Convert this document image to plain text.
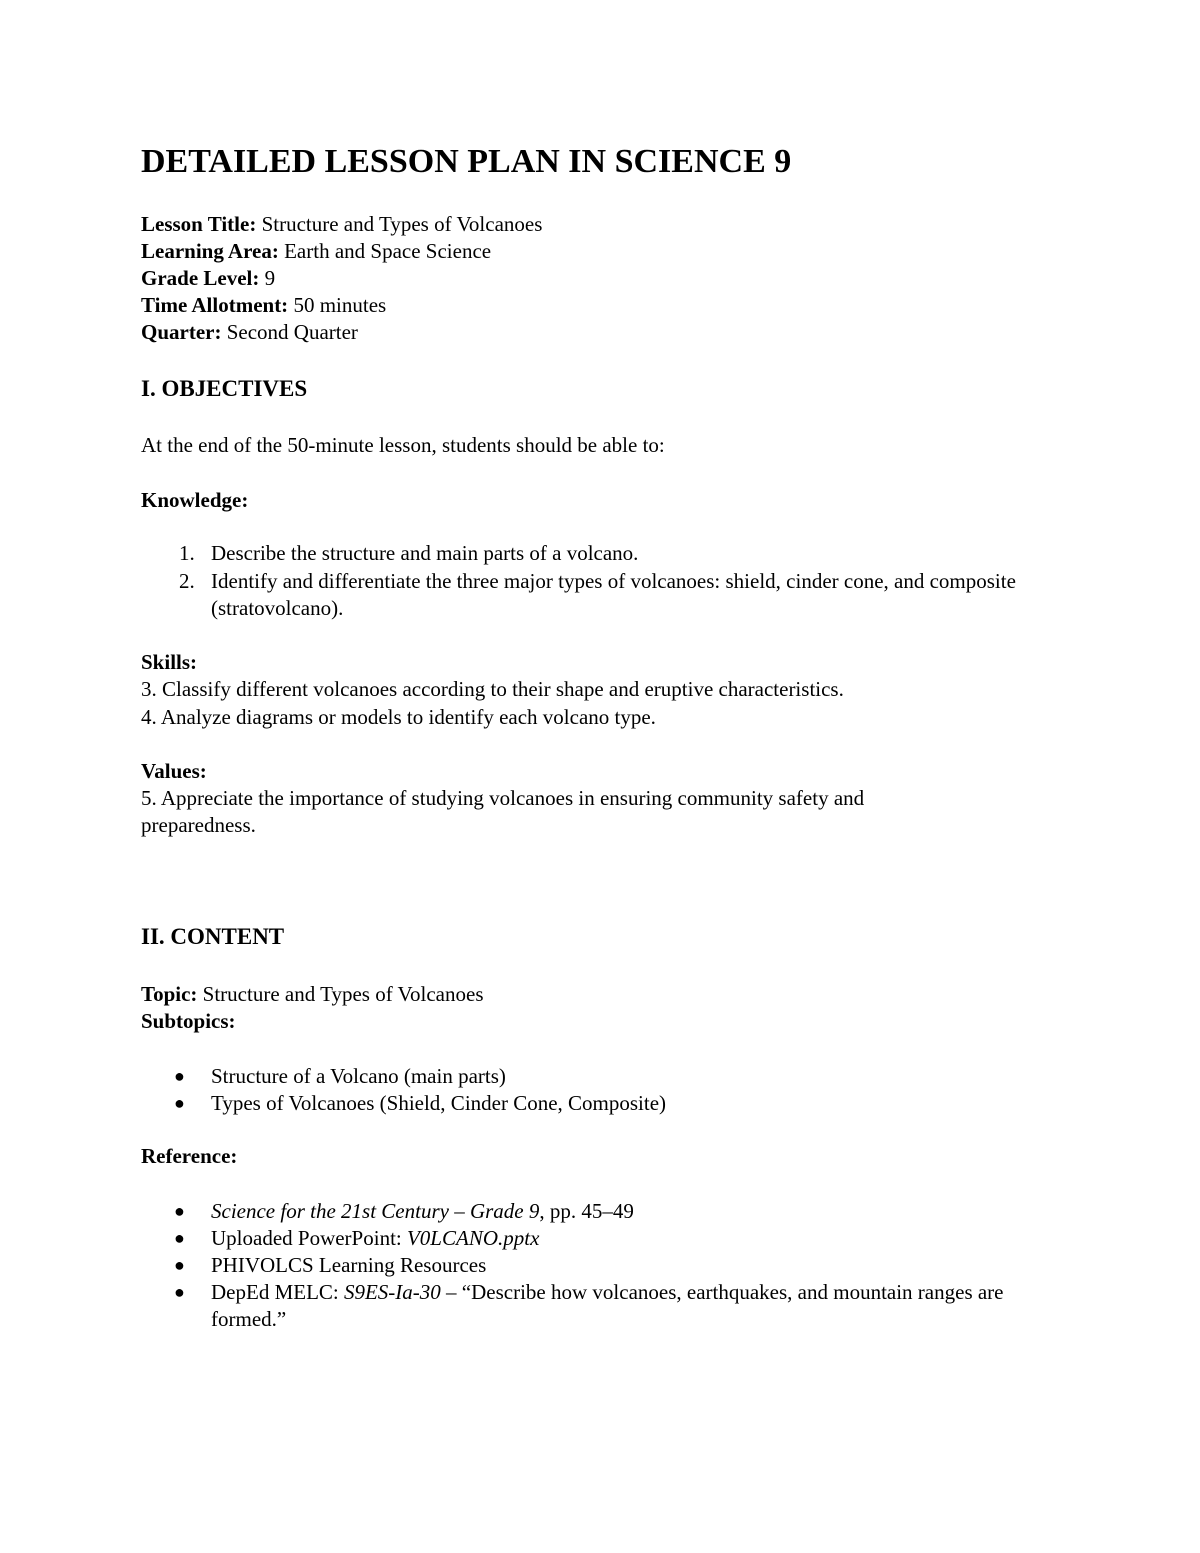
DETAILED LESSON PLAN IN SCIENCE 9
Lesson Title: Structure and Types of Volcanoes
Learning Area: Earth and Space Science
Grade Level: 9
Time Allotment: 50 minutes
Quarter: Second Quarter
I. OBJECTIVES
At the end of the 50-minute lesson, students should be able to:
Knowledge:
1. Describe the structure and main parts of a volcano.
2. Identify and differentiate the three major types of volcanoes: shield, cinder cone, and composite (stratovolcano).
Skills:
3. Classify different volcanoes according to their shape and eruptive characteristics.
4. Analyze diagrams or models to identify each volcano type.
Values:
5. Appreciate the importance of studying volcanoes in ensuring community safety and preparedness.
II. CONTENT
Topic: Structure and Types of Volcanoes
Subtopics:
● Structure of a Volcano (main parts)
● Types of Volcanoes (Shield, Cinder Cone, Composite)
Reference:
● Science for the 21st Century – Grade 9, pp. 45–49
● Uploaded PowerPoint: V0LCANO.pptx
● PHIVOLCS Learning Resources
● DepEd MELC: S9ES-Ia-30 – “Describe how volcanoes, earthquakes, and mountain ranges are formed.”
